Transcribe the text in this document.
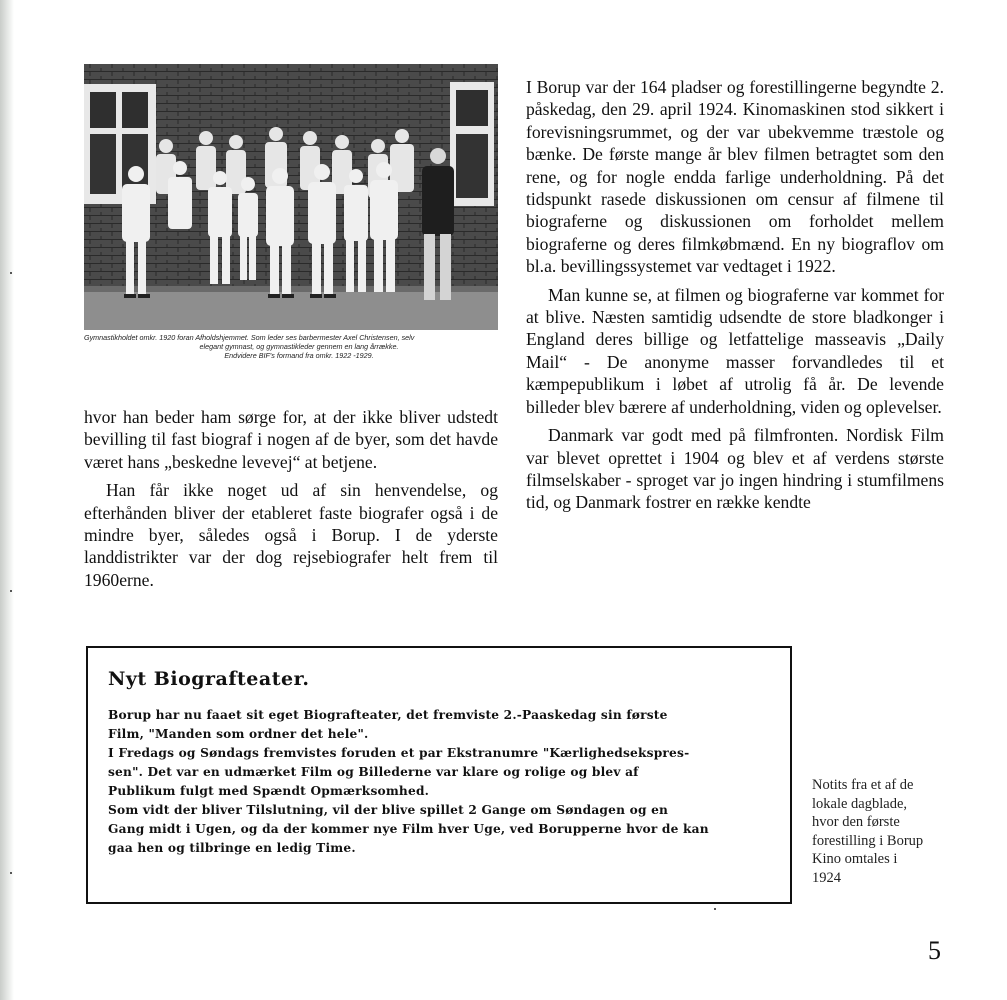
Gymnastikholdet omkr. 1920 foran Afholdshjemmet. Som leder ses barbermester Axel Christensen, selv
elegant gymnast, og gymnastikleder gennem en lang årrække.
Endvidere BIF's formand fra omkr. 1922 -1929.

hvor han beder ham sørge for, at der ikke bliver udstedt bevilling til fast biograf i nogen af de byer, som det havde været hans „beskedne levevej“ at betjene.

Han får ikke noget ud af sin henvendelse, og efterhånden bliver der etableret faste biografer også i de mindre byer, således også i Borup. I de yderste landdistrikter var der dog rejsebiografer helt frem til 1960erne.

I Borup var der 164 pladser og forestillingerne begyndte 2. påskedag, den 29. april 1924. Kinomaskinen stod sikkert i forevisningsrummet, og der var ubekvemme træstole og bænke. De første mange år blev filmen betragtet som den rene, og for nogle endda farlige underholdning. På det tidspunkt rasede diskussionen om censur af filmene til biograferne og diskussionen om forholdet mellem biograferne og deres filmkøbmænd. En ny biograflov om bl.a. bevillingssystemet var vedtaget i 1922.

Man kunne se, at filmen og biograferne var kommet for at blive. Næsten samtidig udsendte de store bladkonger i England deres billige og letfattelige masseavis „Daily Mail“ - De anonyme masser forvandledes til et kæmpepublikum i løbet af utrolig få år. De levende billeder blev bærere af underholdning, viden og oplevelser.

Danmark var godt med på filmfronten. Nordisk Film var blevet oprettet i 1904 og blev et af verdens største filmselskaber - sproget var jo ingen hindring i stumfilmens tid, og Danmark fostrer en række kendte

Nyt Biografteater.
Borup har nu faaet sit eget Biografteater, det fremviste 2.-Paaskedag sin første
Film, "Manden som ordner det hele".
I Fredags og Søndags fremvistes foruden et par Ekstranumre "Kærlighedsekspres-
sen". Det var en udmærket Film og Billederne var klare og rolige og blev af
Publikum fulgt med Spændt Opmærksomhed.
Som vidt der bliver Tilslutning, vil der blive spillet 2 Gange om Søndagen og en
Gang midt i Ugen, og da der kommer nye Film hver Uge, ved Borupperne hvor de kan
gaa hen og tilbringe en ledig Time.
Notits fra et af de
lokale dagblade,
hvor den første
forestilling i Borup
Kino omtales i
1924
5
